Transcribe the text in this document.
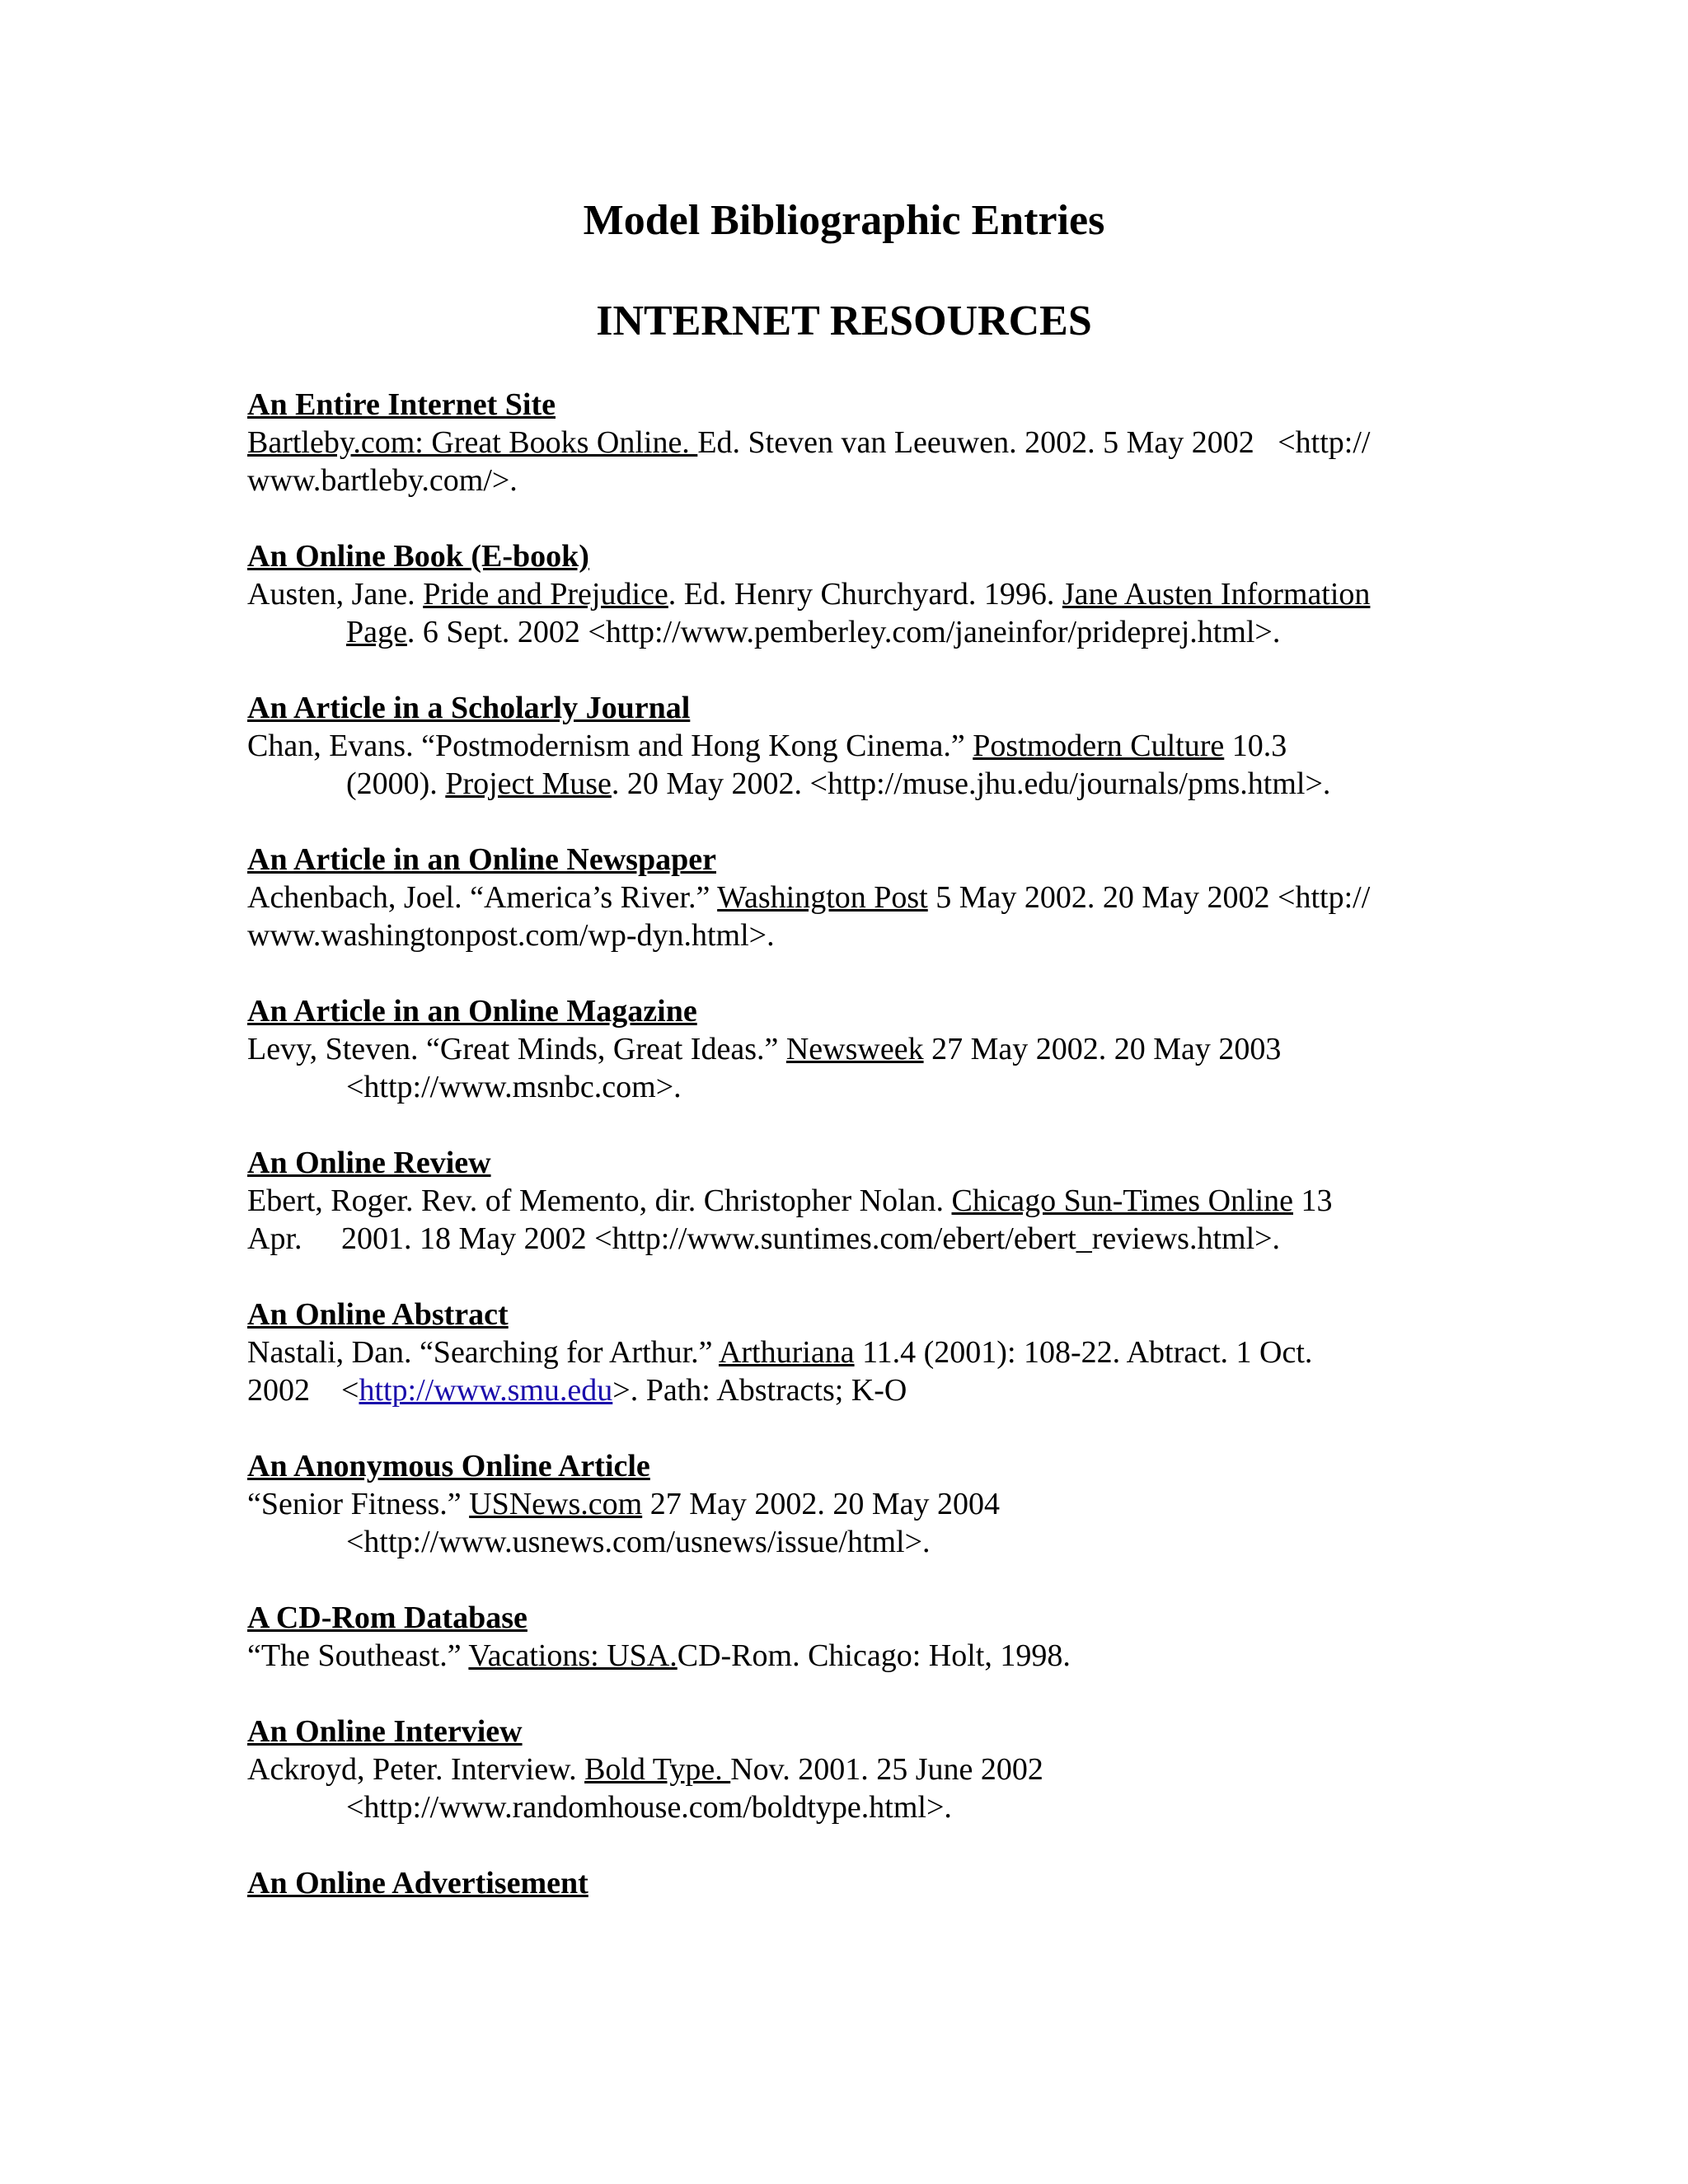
Model Bibliographic Entries
INTERNET RESOURCES

An Entire Internet Site

Bartleby.com: Great Books Online. Ed. Steven van Leeuwen. 2002. 5 May 2002   <http://

www.bartleby.com/>.

An Online Book (E-book)

Austen, Jane. Pride and Prejudice. Ed. Henry Churchyard. 1996. Jane Austen Information

Page. 6 Sept. 2002 <http://www.pemberley.com/janeinfor/prideprej.html>.

An Article in a Scholarly Journal

Chan, Evans. “Postmodernism and Hong Kong Cinema.” Postmodern Culture 10.3

(2000). Project Muse. 20 May 2002. <http://muse.jhu.edu/journals/pms.html>.

An Article in an Online Newspaper

Achenbach, Joel. “America’s River.” Washington Post 5 May 2002. 20 May 2002 <http://

www.washingtonpost.com/wp-dyn.html>.

An Article in an Online Magazine

Levy, Steven. “Great Minds, Great Ideas.” Newsweek 27 May 2002. 20 May 2003

<http://www.msnbc.com>.

An Online Review

Ebert, Roger. Rev. of Memento, dir. Christopher Nolan. Chicago Sun-Times Online 13

Apr.     2001. 18 May 2002 <http://www.suntimes.com/ebert/ebert_reviews.html>.

An Online Abstract

Nastali, Dan. “Searching for Arthur.” Arthuriana 11.4 (2001): 108-22. Abtract. 1 Oct.

2002    <http://www.smu.edu>. Path: Abstracts; K-O

An Anonymous Online Article

“Senior Fitness.” USNews.com 27 May 2002. 20 May 2004

<http://www.usnews.com/usnews/issue/html>.

A CD-Rom Database

“The Southeast.” Vacations: USA.CD-Rom. Chicago: Holt, 1998.

An Online Interview

Ackroyd, Peter. Interview. Bold Type. Nov. 2001. 25 June 2002

<http://www.randomhouse.com/boldtype.html>.

An Online Advertisement
